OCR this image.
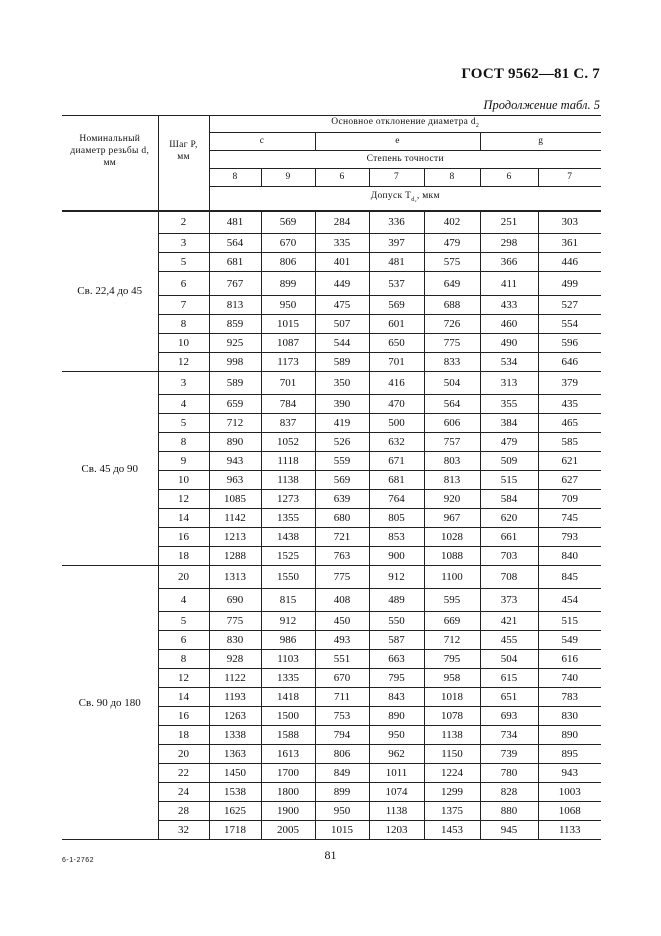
ГОСТ 9562—81 С. 7
Продолжение табл. 5
Номинальный диаметр резьбы d, мм	Шаг P, мм	Основное отклонение диаметра $d_2$
		c		e			g	
		Степень точности						
		8	9	6	7	8	6	7
		Допуск $T_{d_2}$, мкм						
Св. 22,4 до 45	2	481	569	284	336	402	251	303
	3	564	670	335	397	479	298	361
	5	681	806	401	481	575	366	446
	6	767	899	449	537	649	411	499
	7	813	950	475	569	688	433	527
	8	859	1015	507	601	726	460	554
	10	925	1087	544	650	775	490	596
	12	998	1173	589	701	833	534	646
Св. 45 до 90	3	589	701	350	416	504	313	379
	4	659	784	390	470	564	355	435
	5	712	837	419	500	606	384	465
	8	890	1052	526	632	757	479	585
	9	943	1118	559	671	803	509	621
	10	963	1138	569	681	813	515	627
	12	1085	1273	639	764	920	584	709
	14	1142	1355	680	805	967	620	745
	16	1213	1438	721	853	1028	661	793
	18	1288	1525	763	900	1088	703	840
Св. 90 до 180	20	1313	1550	775	912	1100	708	845
	4	690	815	408	489	595	373	454
	5	775	912	450	550	669	421	515
	6	830	986	493	587	712	455	549
	8	928	1103	551	663	795	504	616
	12	1122	1335	670	795	958	615	740
	14	1193	1418	711	843	1018	651	783
	16	1263	1500	753	890	1078	693	830
	18	1338	1588	794	950	1138	734	890
	20	1363	1613	806	962	1150	739	895
	22	1450	1700	849	1011	1224	780	943
	24	1538	1800	899	1074	1299	828	1003
	28	1625	1900	950	1138	1375	880	1068
	32	1718	2005	1015	1203	1453	945	1133
6-1-2762	81
